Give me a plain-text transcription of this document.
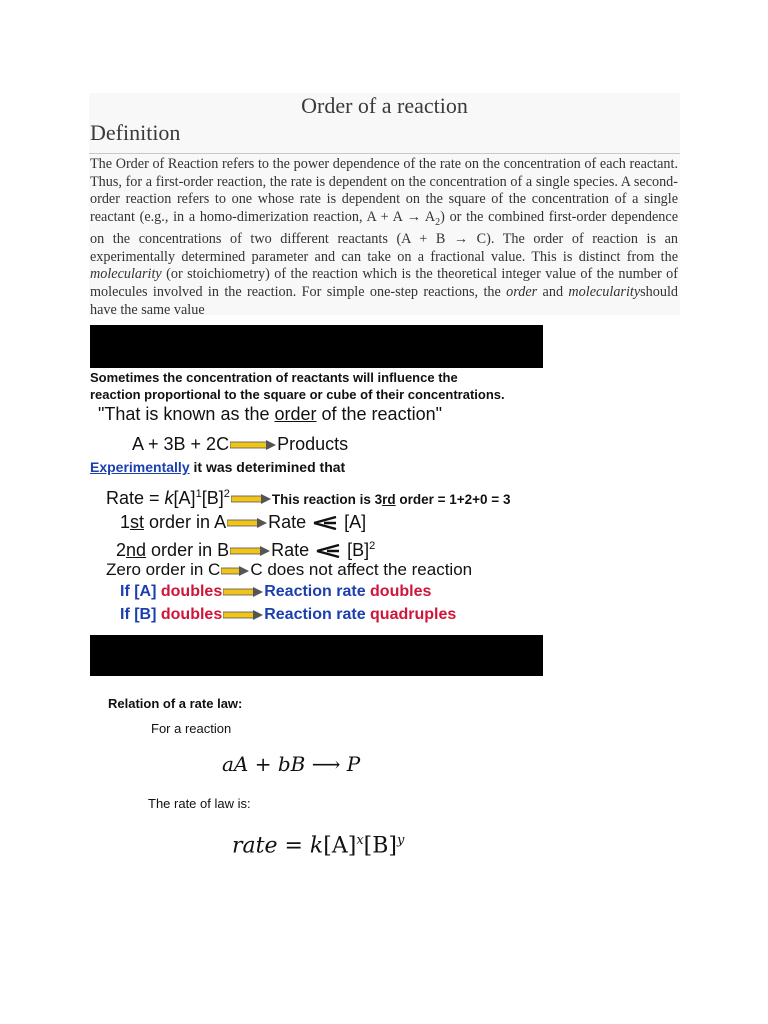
Order of a reaction
Definition
The Order of Reaction refers to the power dependence of the rate on the concentration of each reactant. Thus, for a first-order reaction, the rate is dependent on the concentration of a single species. A second-order reaction refers to one whose rate is dependent on the square of the concentration of a single reactant (e.g., in a homo-dimerization reaction, $A + A \to A_2$) or the combined first-order dependence on the concentrations of two different reactants (A + B → C). The order of reaction is an experimentally determined parameter and can take on a fractional value. This is distinct from the molecularity (or stoichiometry) of the reaction which is the theoretical integer value of the number of molecules involved in the reaction. For simple one-step reactions, the order and molecularityshould have the same value
Sometimes the concentration of reactants will influence the
reaction proportional to the square or cube of their concentrations.
"That is known as the order of the reaction"
A + 3B + 2C	Products
Experimentally it was deterimined that
Rate = $k[A]^1[B]^2$	This reaction is 3rd order = 1+2+0 = 3
1st order in A Rate [A]
2nd order in B Rate $[B]^2$
Zero order in C C does not affect the reaction
If [A] doubles	Reaction rate doubles
If [B] doubles	Reaction rate quadruples
Relation of a rate law:
For a reaction
aA + bB ⟶ P
The rate of law is:
rate = $k[A]^x[B]^y$
